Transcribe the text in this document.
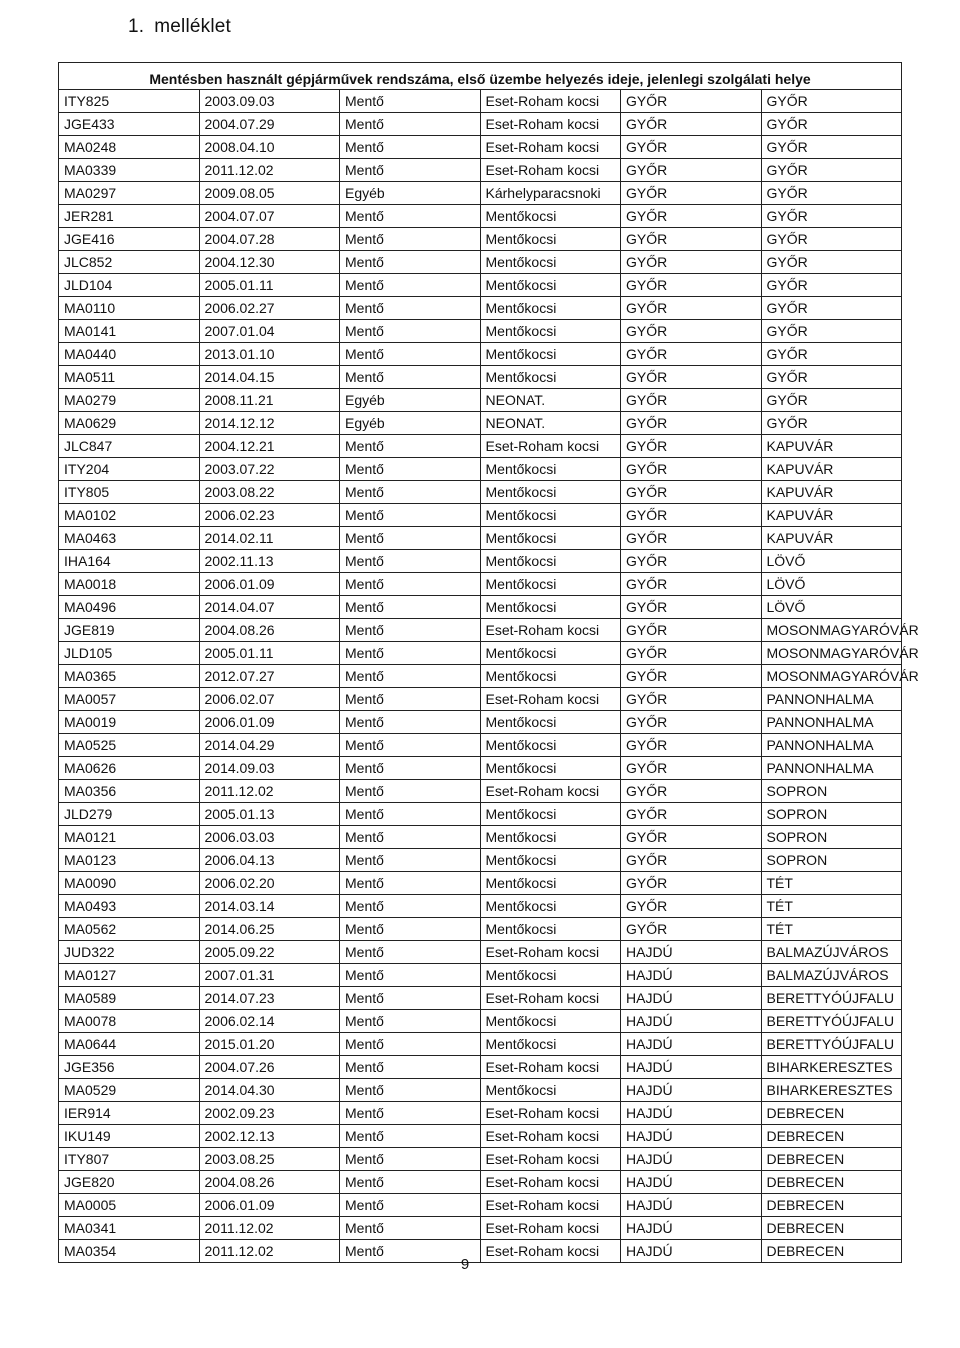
1. melléklet
Mentésben használt gépjárművek rendszáma, első üzembe helyezés ideje, jelenlegi szolgálati helye					
ITY825	2003.09.03	Mentő	Eset-Roham kocsi	GYŐR	GYŐR
JGE433	2004.07.29	Mentő	Eset-Roham kocsi	GYŐR	GYŐR
MA0248	2008.04.10	Mentő	Eset-Roham kocsi	GYŐR	GYŐR
MA0339	2011.12.02	Mentő	Eset-Roham kocsi	GYŐR	GYŐR
MA0297	2009.08.05	Egyéb	Kárhelyparacsnoki	GYŐR	GYŐR
JER281	2004.07.07	Mentő	Mentőkocsi	GYŐR	GYŐR
JGE416	2004.07.28	Mentő	Mentőkocsi	GYŐR	GYŐR
JLC852	2004.12.30	Mentő	Mentőkocsi	GYŐR	GYŐR
JLD104	2005.01.11	Mentő	Mentőkocsi	GYŐR	GYŐR
MA0110	2006.02.27	Mentő	Mentőkocsi	GYŐR	GYŐR
MA0141	2007.01.04	Mentő	Mentőkocsi	GYŐR	GYŐR
MA0440	2013.01.10	Mentő	Mentőkocsi	GYŐR	GYŐR
MA0511	2014.04.15	Mentő	Mentőkocsi	GYŐR	GYŐR
MA0279	2008.11.21	Egyéb	NEONAT.	GYŐR	GYŐR
MA0629	2014.12.12	Egyéb	NEONAT.	GYŐR	GYŐR
JLC847	2004.12.21	Mentő	Eset-Roham kocsi	GYŐR	KAPUVÁR
ITY204	2003.07.22	Mentő	Mentőkocsi	GYŐR	KAPUVÁR
ITY805	2003.08.22	Mentő	Mentőkocsi	GYŐR	KAPUVÁR
MA0102	2006.02.23	Mentő	Mentőkocsi	GYŐR	KAPUVÁR
MA0463	2014.02.11	Mentő	Mentőkocsi	GYŐR	KAPUVÁR
IHA164	2002.11.13	Mentő	Mentőkocsi	GYŐR	LÖVŐ
MA0018	2006.01.09	Mentő	Mentőkocsi	GYŐR	LÖVŐ
MA0496	2014.04.07	Mentő	Mentőkocsi	GYŐR	LÖVŐ
JGE819	2004.08.26	Mentő	Eset-Roham kocsi	GYŐR	MOSONMAGYARÓVÁR
JLD105	2005.01.11	Mentő	Mentőkocsi	GYŐR	MOSONMAGYARÓVÁR
MA0365	2012.07.27	Mentő	Mentőkocsi	GYŐR	MOSONMAGYARÓVÁR
MA0057	2006.02.07	Mentő	Eset-Roham kocsi	GYŐR	PANNONHALMA
MA0019	2006.01.09	Mentő	Mentőkocsi	GYŐR	PANNONHALMA
MA0525	2014.04.29	Mentő	Mentőkocsi	GYŐR	PANNONHALMA
MA0626	2014.09.03	Mentő	Mentőkocsi	GYŐR	PANNONHALMA
MA0356	2011.12.02	Mentő	Eset-Roham kocsi	GYŐR	SOPRON
JLD279	2005.01.13	Mentő	Mentőkocsi	GYŐR	SOPRON
MA0121	2006.03.03	Mentő	Mentőkocsi	GYŐR	SOPRON
MA0123	2006.04.13	Mentő	Mentőkocsi	GYŐR	SOPRON
MA0090	2006.02.20	Mentő	Mentőkocsi	GYŐR	TÉT
MA0493	2014.03.14	Mentő	Mentőkocsi	GYŐR	TÉT
MA0562	2014.06.25	Mentő	Mentőkocsi	GYŐR	TÉT
JUD322	2005.09.22	Mentő	Eset-Roham kocsi	HAJDÚ	BALMAZÚJVÁROS
MA0127	2007.01.31	Mentő	Mentőkocsi	HAJDÚ	BALMAZÚJVÁROS
MA0589	2014.07.23	Mentő	Eset-Roham kocsi	HAJDÚ	BERETTYÓÚJFALU
MA0078	2006.02.14	Mentő	Mentőkocsi	HAJDÚ	BERETTYÓÚJFALU
MA0644	2015.01.20	Mentő	Mentőkocsi	HAJDÚ	BERETTYÓÚJFALU
JGE356	2004.07.26	Mentő	Eset-Roham kocsi	HAJDÚ	BIHARKERESZTES
MA0529	2014.04.30	Mentő	Mentőkocsi	HAJDÚ	BIHARKERESZTES
IER914	2002.09.23	Mentő	Eset-Roham kocsi	HAJDÚ	DEBRECEN
IKU149	2002.12.13	Mentő	Eset-Roham kocsi	HAJDÚ	DEBRECEN
ITY807	2003.08.25	Mentő	Eset-Roham kocsi	HAJDÚ	DEBRECEN
JGE820	2004.08.26	Mentő	Eset-Roham kocsi	HAJDÚ	DEBRECEN
MA0005	2006.01.09	Mentő	Eset-Roham kocsi	HAJDÚ	DEBRECEN
MA0341	2011.12.02	Mentő	Eset-Roham kocsi	HAJDÚ	DEBRECEN
MA0354	2011.12.02	Mentő	Eset-Roham kocsi	HAJDÚ	DEBRECEN
9
